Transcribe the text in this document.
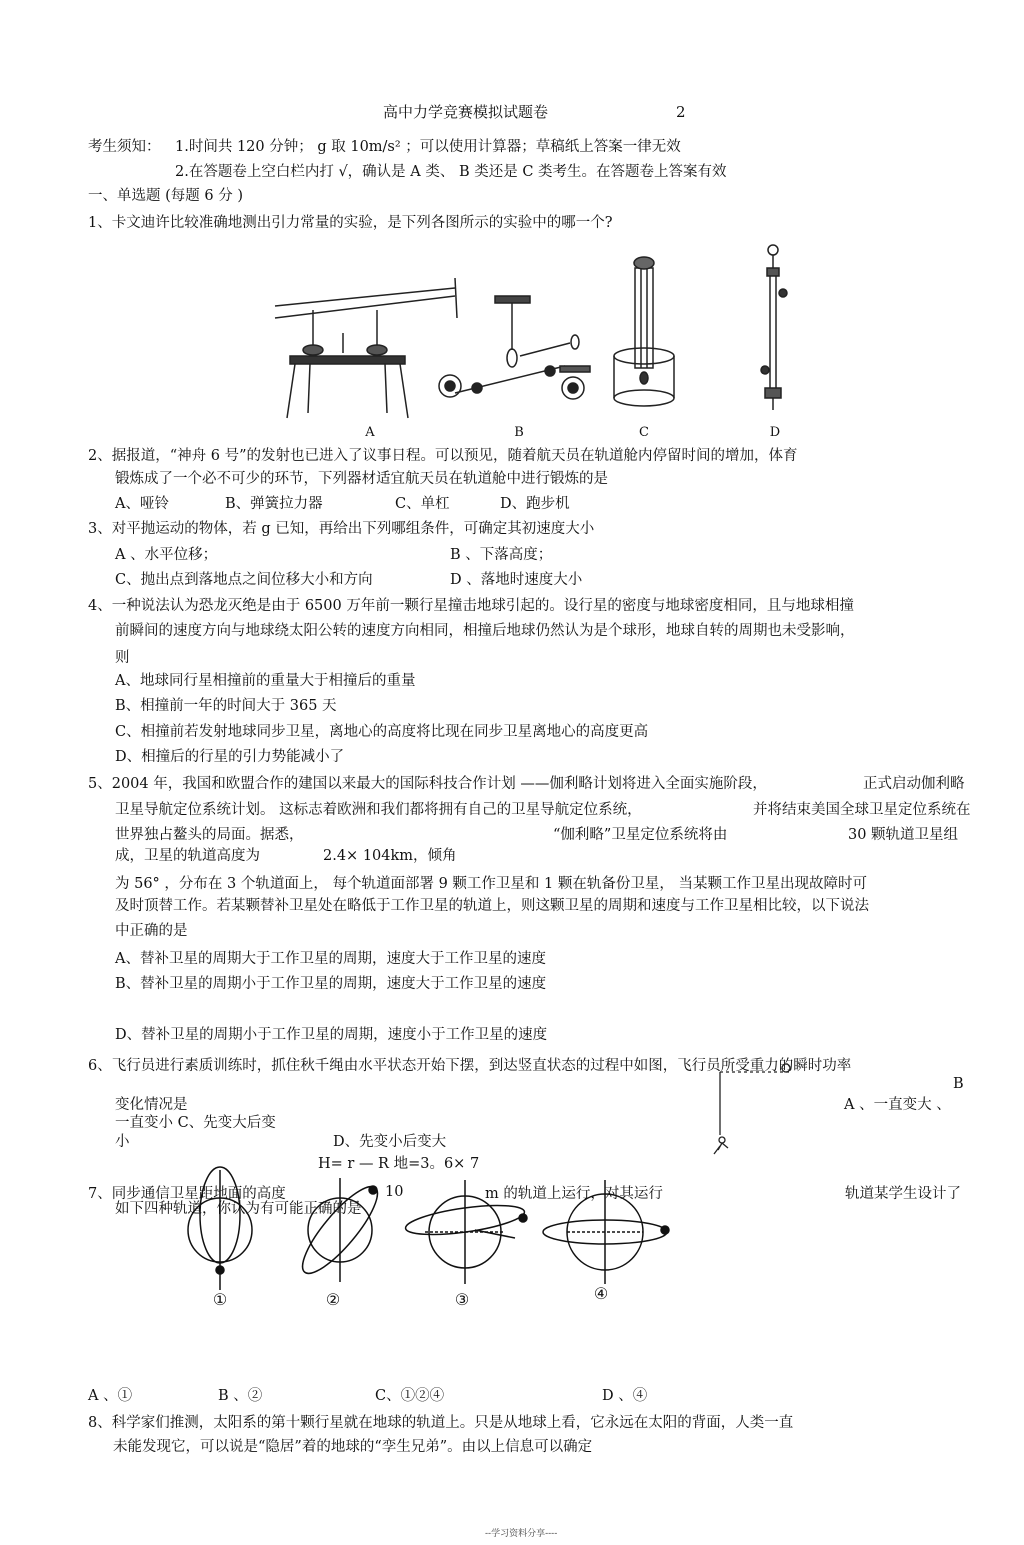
高中力学竞赛模拟试题卷	2
考生须知： 1.时间共 120 分钟； g 取 10m/s² ；可以使用计算器；草稿纸上答案一律无效
2.在答题卷上空白栏内打 √，确认是 A 类、 B 类还是 C 类考生。在答题卷上答案有效
一、单选题 (每题 6 分 )
1、卡文迪许比较准确地测出引力常量的实验，是下列各图所示的实验中的哪一个?
A	B	C	D
2、据报道，“神舟 6 号”的发射也已进入了议事日程。可以预见，随着航天员在轨道舱内停留时间的增加，体育
锻炼成了一个必不可少的环节，下列器材适宜航天员在轨道舱中进行锻炼的是
A、哑铃	B、弹簧拉力器	C、单杠	D、跑步机
3、对平抛运动的物体，若 g 已知，再给出下列哪组条件，可确定其初速度大小
A 、水平位移；	B 、下落高度；
C、抛出点到落地点之间位移大小和方向	D 、落地时速度大小
4、一种说法认为恐龙灭绝是由于 6500 万年前一颗行星撞击地球引起的。设行星的密度与地球密度相同，且与地球相撞
前瞬间的速度方向与地球绕太阳公转的速度方向相同，相撞后地球仍然认为是个球形，地球自转的周期也未受影响，
则
A、地球同行星相撞前的重量大于相撞后的重量
B、相撞前一年的时间大于 365 天
C、相撞前若发射地球同步卫星，离地心的高度将比现在同步卫星离地心的高度更高
D、相撞后的行星的引力势能减小了
5、2004 年，我国和欧盟合作的建国以来最大的国际科技合作计划 ——伽利略计划将进入全面实施阶段，	正式启动伽利略
卫星导航定位系统计划。 这标志着欧洲和我们都将拥有自己的卫星导航定位系统，	并将结束美国全球卫星定位系统在
世界独占鳌头的局面。据悉，	“伽利略”卫星定位系统将由	30 颗轨道卫星组
成，卫星的轨道高度为	2.4× 104km，倾角
为 56° ，分布在 3 个轨道面上， 每个轨道面部署 9 颗工作卫星和 1 颗在轨备份卫星， 当某颗工作卫星出现故障时可
及时顶替工作。若某颗替补卫星处在略低于工作卫星的轨道上，则这颗卫星的周期和速度与工作卫星相比较，以下说法
中正确的是
A、替补卫星的周期大于工作卫星的周期，速度大于工作卫星的速度
B、替补卫星的周期小于工作卫星的周期，速度大于工作卫星的速度
D、替补卫星的周期小于工作卫星的周期，速度小于工作卫星的速度
6、飞行员进行素质训练时，抓住秋千绳由水平状态开始下摆，到达竖直状态的过程中如图，飞行员所受重力的瞬时功率
B
变化情况是	A 、一直变大 、
一直变小 C、先变大后变
小	D、先变小后变大
H= r — R 地=3。6× 7
7、同步通信卫星距地面的高度	10	m 的轨道上运行，对其运行	轨道某学生设计了
如下四种轨道，你认为有可能正确的是
①	②	③	④
A 、①	B 、②	C、①②④	D 、④
8、科学家们推测，太阳系的第十颗行星就在地球的轨道上。只是从地球上看，它永远在太阳的背面，人类一直
未能发现它，可以说是“隐居”着的地球的“孪生兄弟”。由以上信息可以确定
--学习资料分享----
